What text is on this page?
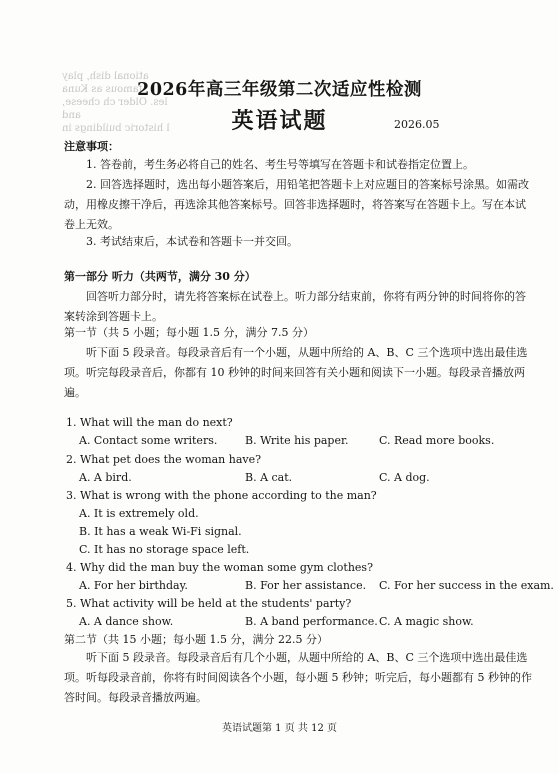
ational dish, play
famous as Kuna
les. Older ch cheese, and
l historic buildings in
2026年高三年级第二次适应性检测
英语试题	2026.05
注意事项：
1. 答卷前，考生务必将自己的姓名、考生号等填写在答题卡和试卷指定位置上。
2. 回答选择题时，选出每小题答案后，用铅笔把答题卡上对应题目的答案标号涂黑。如需改动，用橡皮擦干净后，再选涂其他答案标号。回答非选择题时，将答案写在答题卡上。写在本试卷上无效。
3. 考试结束后，本试卷和答题卡一并交回。
第一部分 听力（共两节，满分 30 分）
回答听力部分时，请先将答案标在试卷上。听力部分结束前，你将有两分钟的时间将你的答案转涂到答题卡上。
第一节（共 5 小题；每小题 1.5 分，满分 7.5 分）
听下面 5 段录音。每段录音后有一个小题，从题中所给的 A、B、C 三个选项中选出最佳选项。听完每段录音后，你都有 10 秒钟的时间来回答有关小题和阅读下一小题。每段录音播放两遍。
1. What will the man do next?
A. Contact some writers.	B. Write his paper.	C. Read more books.
2. What pet does the woman have?
A. A bird.	B. A cat.	C. A dog.
3. What is wrong with the phone according to the man?
A. It is extremely old.
B. It has a weak Wi-Fi signal.
C. It has no storage space left.
4. Why did the man buy the woman some gym clothes?
A. For her birthday.	B. For her assistance. C. For her success in the exam.
5. What activity will be held at the students' party?
A. A dance show.	B. A band performance. C. A magic show.
第二节（共 15 小题；每小题 1.5 分，满分 22.5 分）
听下面 5 段录音。每段录音后有几个小题，从题中所给的 A、B、C 三个选项中选出最佳选项。听每段录音前，你将有时间阅读各个小题，每小题 5 秒钟；听完后，每小题都有 5 秒钟的作答时间。每段录音播放两遍。
英语试题第 1 页 共 12 页
